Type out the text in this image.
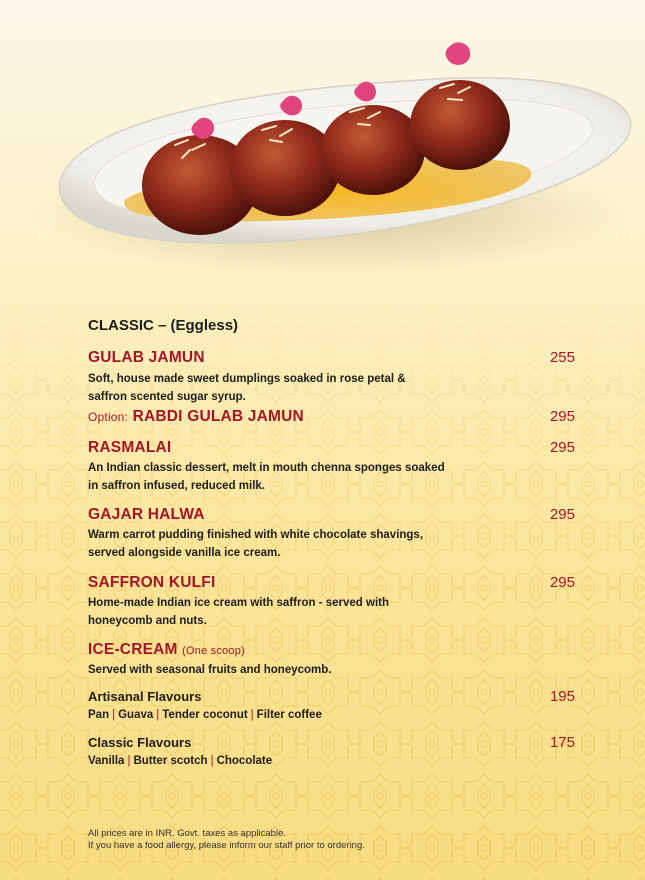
CLASSIC – (Eggless)
GULAB JAMUN	255
Soft, house made sweet dumplings soaked in rose petal &
saffron scented sugar syrup.
Option: RABDI GULAB JAMUN	295
RASMALAI	295
An Indian classic dessert, melt in mouth chenna sponges soaked
in saffron infused, reduced milk.
GAJAR HALWA	295
Warm carrot pudding finished with white chocolate shavings,
served alongside vanilla ice cream.
SAFFRON KULFI	295
Home-made Indian ice cream with saffron - served with
honeycomb and nuts.
ICE-CREAM (One scoop)
Served with seasonal fruits and honeycomb.
Artisanal Flavours	195
Pan | Guava | Tender coconut | Filter coffee
Classic Flavours	175
Vanilla | Butter scotch | Chocolate
All prices are in INR. Govt. taxes as applicable.
If you have a food allergy, please inform our staff prior to ordering.
